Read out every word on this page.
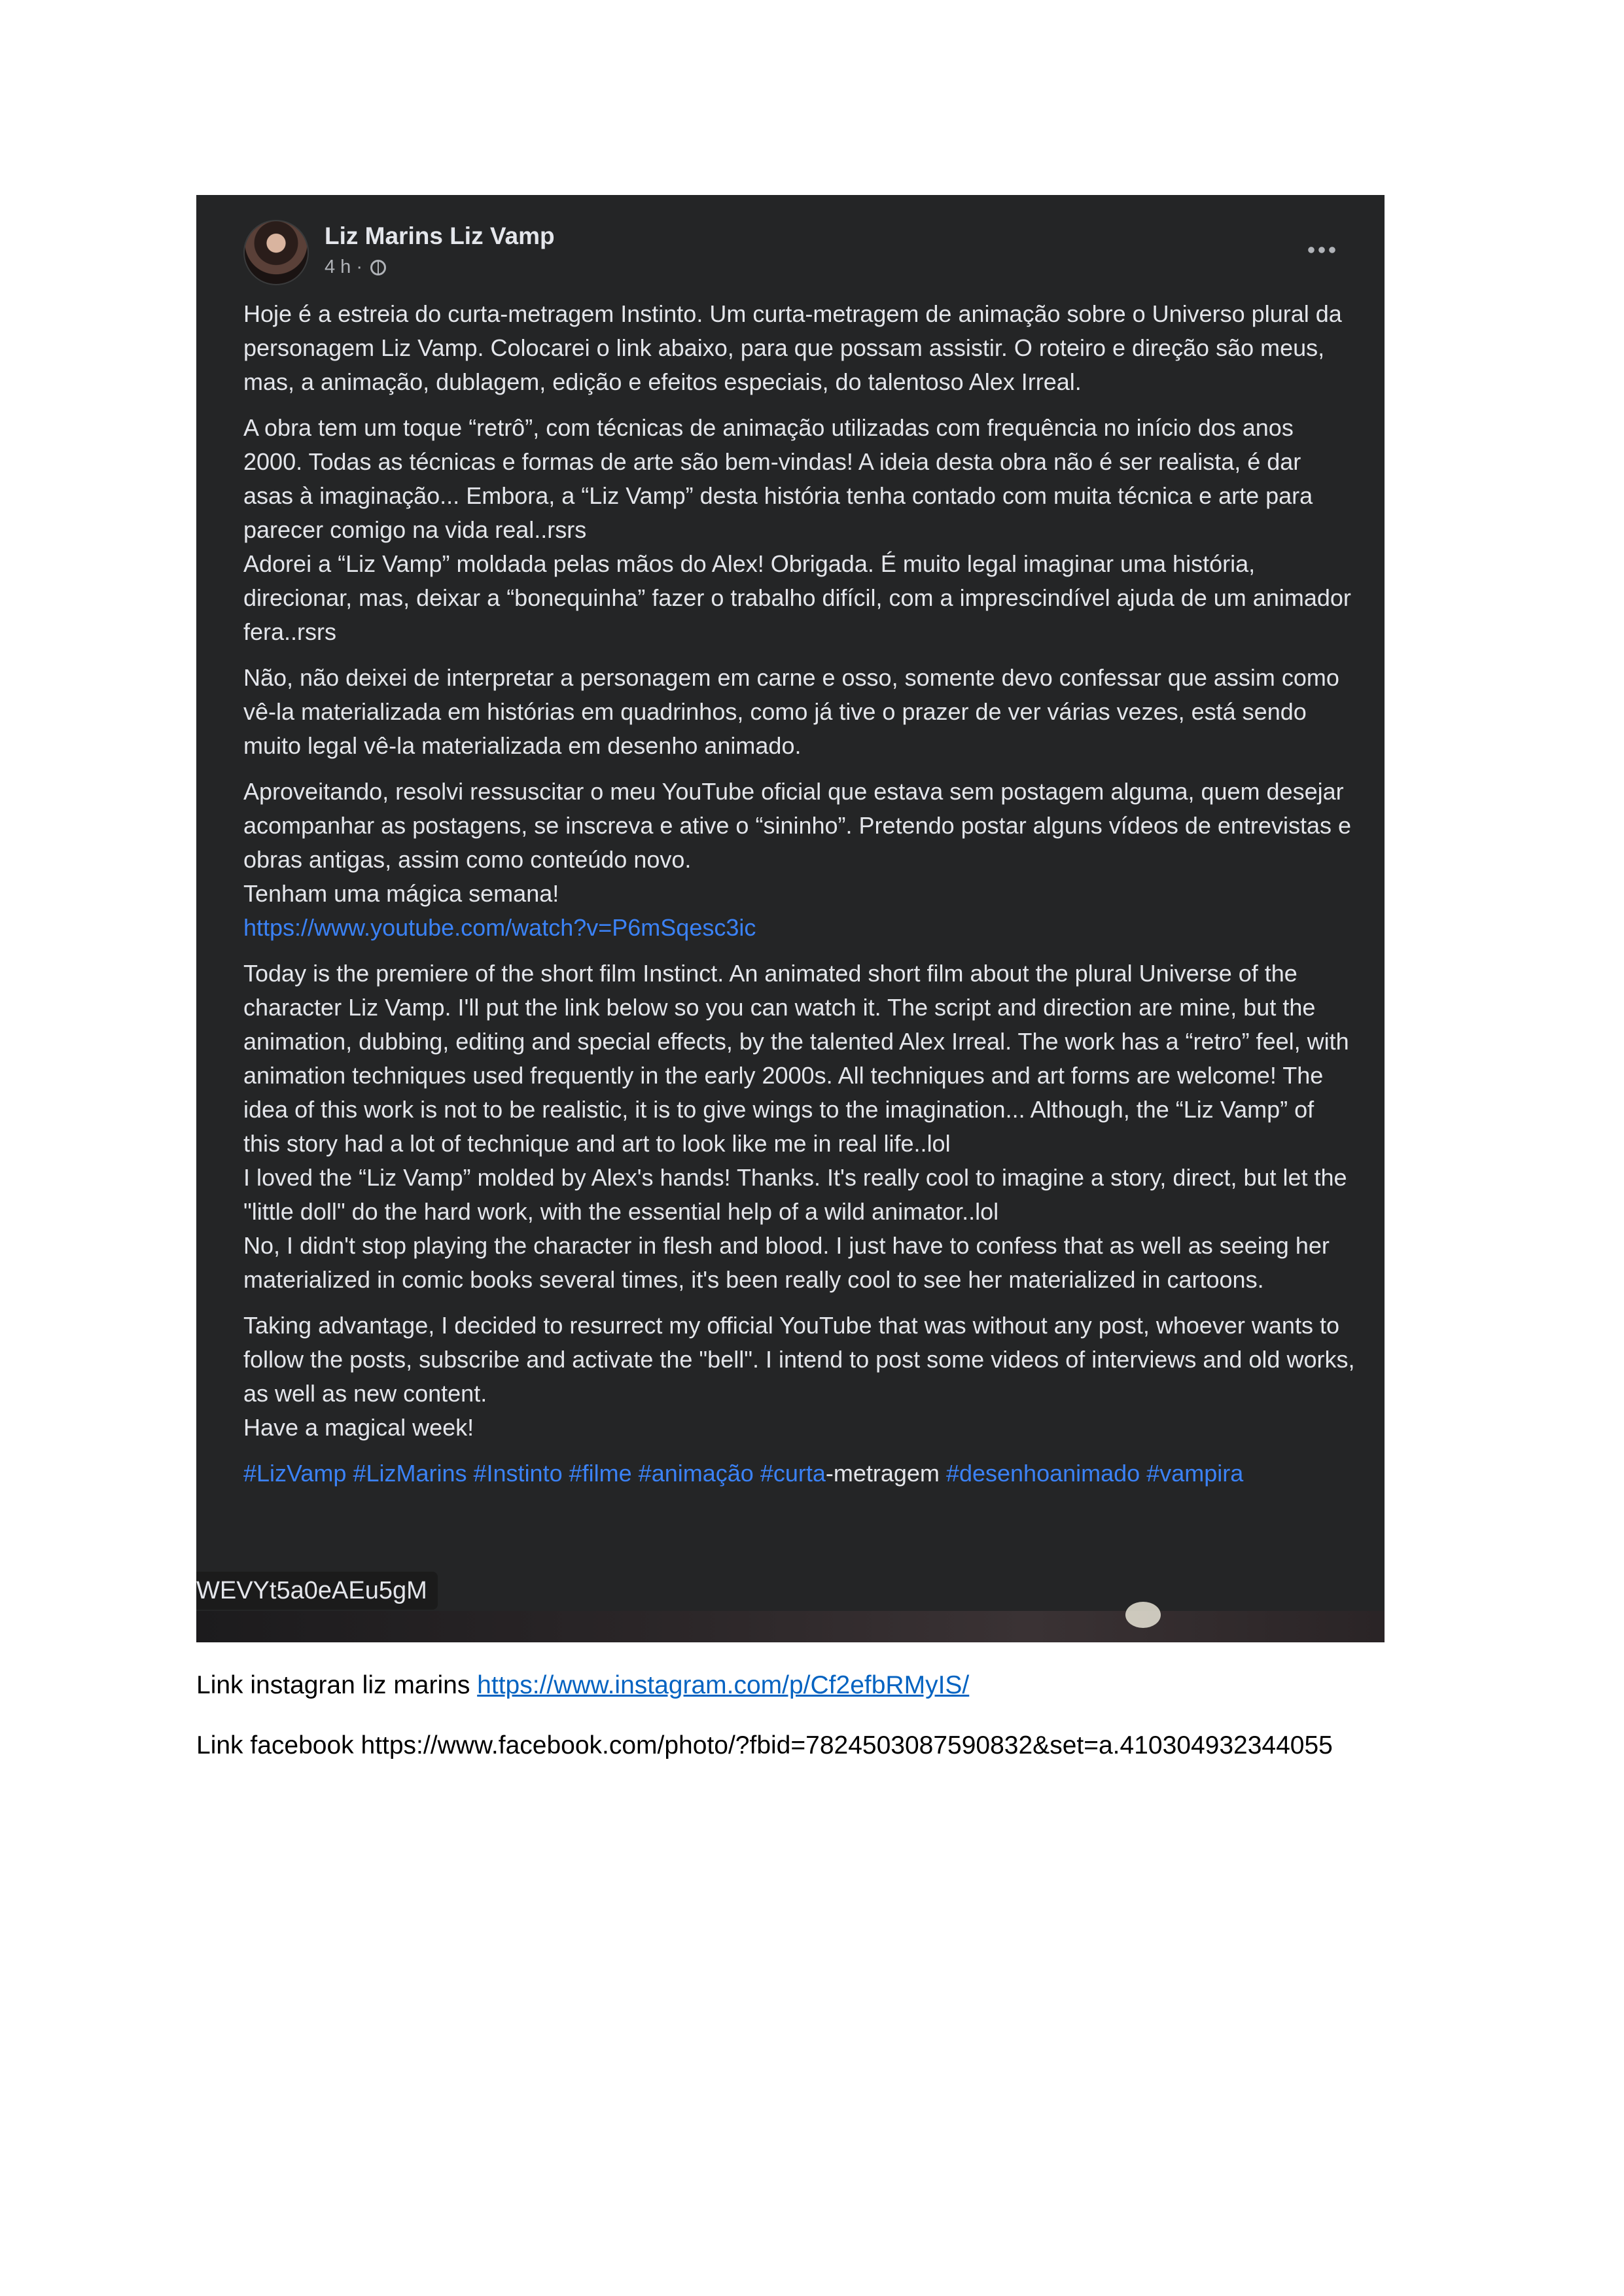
Liz Marins Liz Vamp
4 h ·

Hoje é a estreia do curta-metragem Instinto. Um curta-metragem de animação sobre o Universo plural da personagem Liz Vamp. Colocarei o link abaixo, para que possam assistir. O roteiro e direção são meus, mas, a animação, dublagem, edição e efeitos especiais, do talentoso Alex Irreal.

A obra tem um toque “retrô”, com técnicas de animação utilizadas com frequência no início dos anos 2000. Todas as técnicas e formas de arte são bem-vindas! A ideia desta obra não é ser realista, é dar asas à imaginação... Embora, a “Liz Vamp” desta história tenha contado com muita técnica e arte para parecer comigo na vida real..rsrs
Adorei a “Liz Vamp” moldada pelas mãos do Alex! Obrigada. É muito legal imaginar uma história, direcionar, mas, deixar a “bonequinha” fazer o trabalho difícil, com a imprescindível ajuda de um animador fera..rsrs

Não, não deixei de interpretar a personagem em carne e osso, somente devo confessar que assim como vê-la materializada em histórias em quadrinhos, como já tive o prazer de ver várias vezes, está sendo muito legal vê-la materializada em desenho animado.

Aproveitando, resolvi ressuscitar o meu YouTube oficial que estava sem postagem alguma, quem desejar acompanhar as postagens, se inscreva e ative o “sininho”. Pretendo postar alguns vídeos de entrevistas e obras antigas, assim como conteúdo novo.
Tenham uma mágica semana!
https://www.youtube.com/watch?v=P6mSqesc3ic

Today is the premiere of the short film Instinct. An animated short film about the plural Universe of the character Liz Vamp. I'll put the link below so you can watch it. The script and direction are mine, but the animation, dubbing, editing and special effects, by the talented Alex Irreal. The work has a “retro” feel, with animation techniques used frequently in the early 2000s. All techniques and art forms are welcome! The idea of this work is not to be realistic, it is to give wings to the imagination... Although, the “Liz Vamp” of this story had a lot of technique and art to look like me in real life..lol
I loved the “Liz Vamp” molded by Alex's hands! Thanks. It's really cool to imagine a story, direct, but let the "little doll" do the hard work, with the essential help of a wild animator..lol
No, I didn't stop playing the character in flesh and blood. I just have to confess that as well as seeing her materialized in comic books several times, it's been really cool to see her materialized in cartoons.

Taking advantage, I decided to resurrect my official YouTube that was without any post, whoever wants to follow the posts, subscribe and activate the "bell". I intend to post some videos of interviews and old works, as well as new content.
Have a magical week!

#LizVamp #LizMarins #Instinto #filme #animação #curta-metragem #desenhoanimado #vampira

WEVYt5a0eAEu5gM
Link instagran liz marins https://www.instagram.com/p/Cf2efbRMyIS/
Link facebook https://www.facebook.com/photo/?fbid=7824503087590832&set=a.410304932344055
